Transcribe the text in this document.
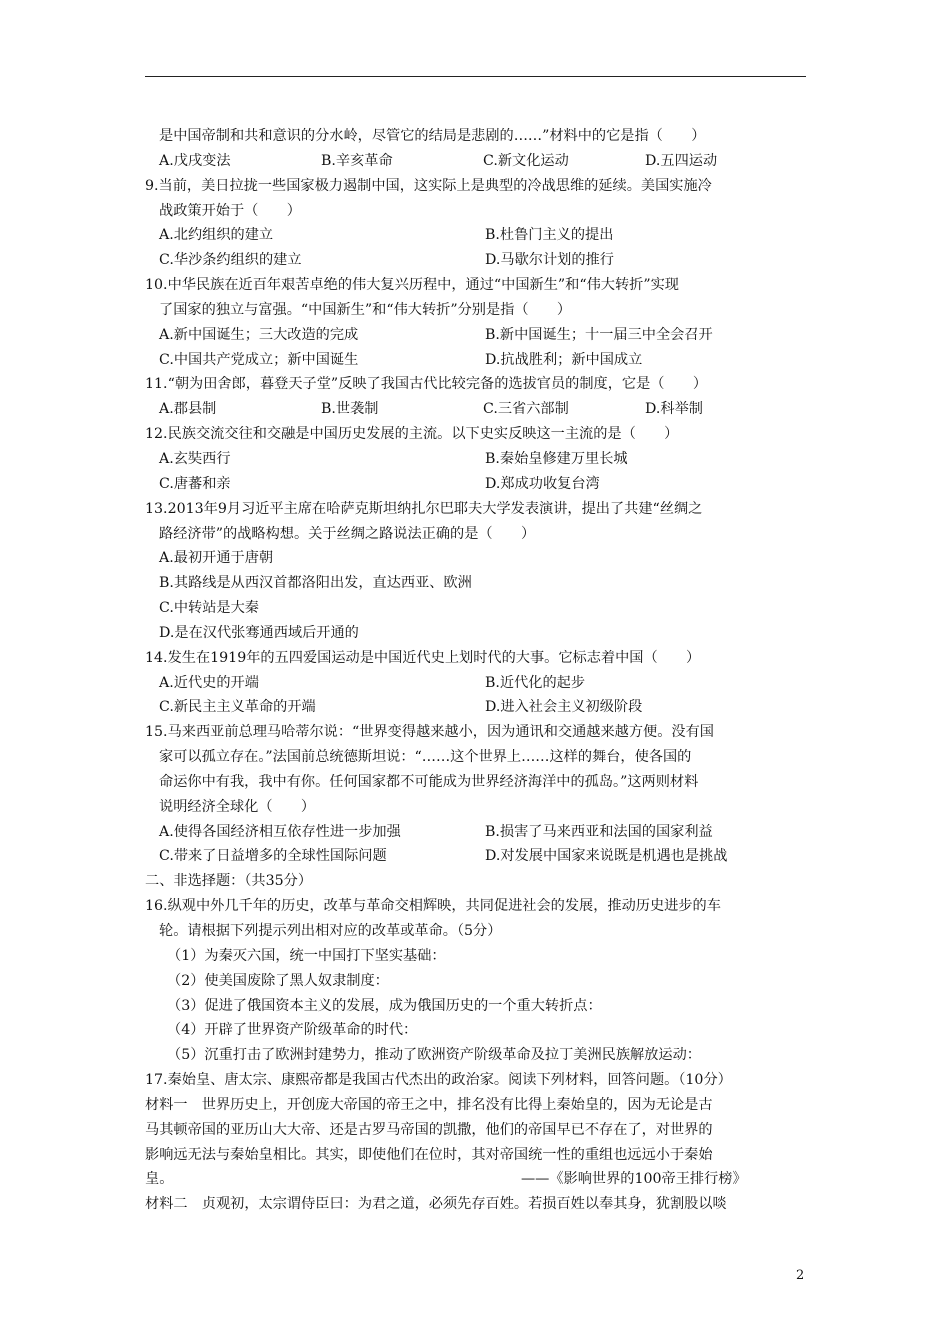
是中国帝制和共和意识的分水岭，尽管它的结局是悲剧的……”材料中的它是指（　　）
A.戊戌变法	B.辛亥革命	C.新文化运动	D.五四运动
9.当前，美日拉拢一些国家极力遏制中国，这实际上是典型的冷战思维的延续。美国实施冷
战政策开始于（　　）
A.北约组织的建立	B.杜鲁门主义的提出
C.华沙条约组织的建立	D.马歇尔计划的推行
10.中华民族在近百年艰苦卓绝的伟大复兴历程中，通过“中国新生”和“伟大转折”实现
了国家的独立与富强。“中国新生”和“伟大转折”分别是指（　　）
A.新中国诞生；三大改造的完成	B.新中国诞生；十一届三中全会召开
C.中国共产党成立；新中国诞生	D.抗战胜利；新中国成立
11.“朝为田舍郎，暮登天子堂”反映了我国古代比较完备的选拔官员的制度，它是（　　）
A.郡县制	B.世袭制	C.三省六部制	D.科举制
12.民族交流交往和交融是中国历史发展的主流。以下史实反映这一主流的是（　　）
A.玄奘西行	B.秦始皇修建万里长城
C.唐蕃和亲	D.郑成功收复台湾
13.2013年9月习近平主席在哈萨克斯坦纳扎尔巴耶夫大学发表演讲，提出了共建“丝绸之
路经济带”的战略构想。关于丝绸之路说法正确的是（　　）
A.最初开通于唐朝
B.其路线是从西汉首都洛阳出发，直达西亚、欧洲
C.中转站是大秦
D.是在汉代张骞通西域后开通的
14.发生在1919年的五四爱国运动是中国近代史上划时代的大事。它标志着中国（　　）
A.近代史的开端	B.近代化的起步
C.新民主主义革命的开端	D.进入社会主义初级阶段
15.马来西亚前总理马哈蒂尔说：“世界变得越来越小，因为通讯和交通越来越方便。没有国
家可以孤立存在。”法国前总统德斯坦说：“……这个世界上……这样的舞台，使各国的
命运你中有我，我中有你。任何国家都不可能成为世界经济海洋中的孤岛。”这两则材料
说明经济全球化（　　）
A.使得各国经济相互依存性进一步加强	B.损害了马来西亚和法国的国家利益
C.带来了日益增多的全球性国际问题	D.对发展中国家来说既是机遇也是挑战
二、非选择题：（共35分）
16.纵观中外几千年的历史，改革与革命交相辉映，共同促进社会的发展，推动历史进步的车
轮。请根据下列提示列出相对应的改革或革命。（5分）
（1）为秦灭六国，统一中国打下坚实基础：
（2）使美国废除了黑人奴隶制度：
（3）促进了俄国资本主义的发展，成为俄国历史的一个重大转折点：
（4）开辟了世界资产阶级革命的时代：
（5）沉重打击了欧洲封建势力，推动了欧洲资产阶级革命及拉丁美洲民族解放运动：
17.秦始皇、唐太宗、康熙帝都是我国古代杰出的政治家。阅读下列材料，回答问题。（10分）
材料一　世界历史上，开创庞大帝国的帝王之中，排名没有比得上秦始皇的，因为无论是古
马其顿帝国的亚历山大大帝、还是古罗马帝国的凯撒，他们的帝国早已不存在了，对世界的
影响远无法与秦始皇相比。其实，即使他们在位时，其对帝国统一性的重组也远远小于秦始
皇。　　　　　　　　　　　　　　　　　　　　　　　　　——《影响世界的100帝王排行榜》
材料二　贞观初，太宗谓侍臣曰：为君之道，必须先存百姓。若损百姓以奉其身，犹割股以啖
2
